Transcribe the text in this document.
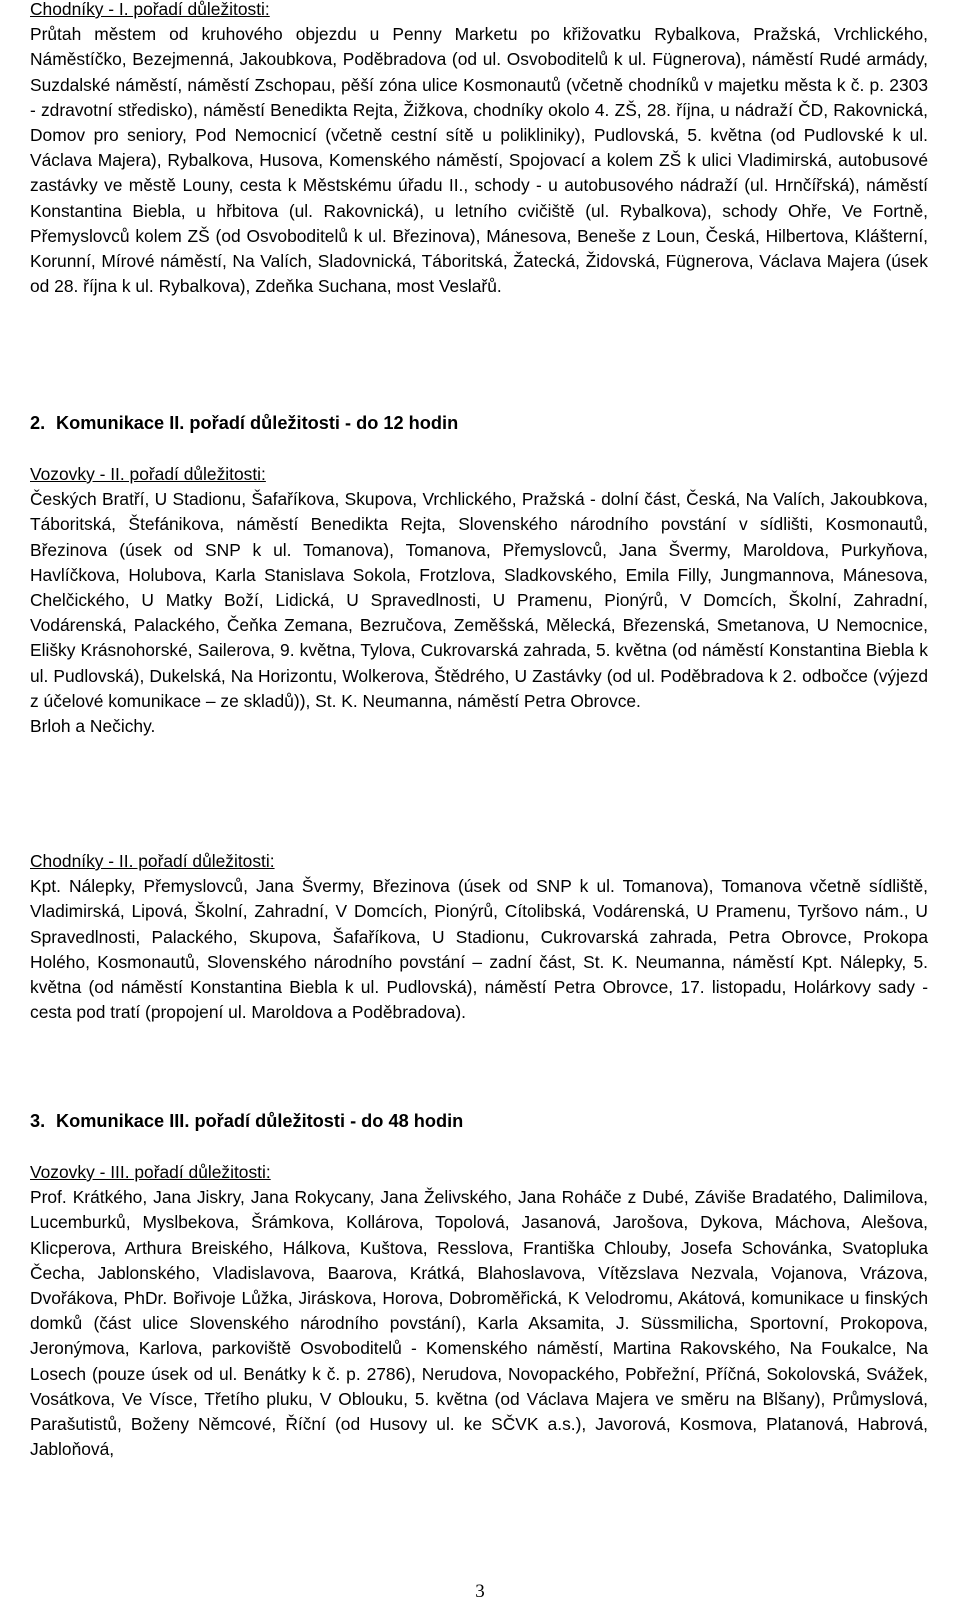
Chodníky - I. pořadí důležitosti:

Průtah městem od kruhového objezdu u Penny Marketu po křižovatku Rybalkova, Pražská, Vrchlického, Náměstíčko, Bezejmenná, Jakoubkova, Poděbradova (od ul. Osvoboditelů k ul. Fügnerova), náměstí Rudé armády, Suzdalské náměstí, náměstí Zschopau, pěší zóna ulice Kosmonautů (včetně chodníků v majetku města k č. p. 2303 - zdravotní středisko), náměstí Benedikta Rejta, Žižkova, chodníky okolo 4. ZŠ, 28. října, u nádraží ČD, Rakovnická, Domov pro seniory, Pod Nemocnicí (včetně cestní sítě u polikliniky), Pudlovská, 5. května (od Pudlovské k ul. Václava Majera), Rybalkova, Husova, Komenského náměstí, Spojovací a kolem ZŠ k ulici Vladimirská, autobusové zastávky ve městě Louny, cesta k Městskému úřadu II., schody - u autobusového nádraží (ul. Hrnčířská), náměstí Konstantina Biebla, u hřbitova (ul. Rakovnická), u letního cvičiště (ul. Rybalkova), schody Ohře, Ve Fortně, Přemyslovců kolem ZŠ (od Osvoboditelů k ul. Březinova), Mánesova, Beneše z Loun, Česká, Hilbertova, Klášterní, Korunní, Mírové náměstí, Na Valích, Sladovnická, Táboritská, Žatecká, Židovská, Fügnerova, Václava Majera (úsek od 28. října k ul. Rybalkova), Zdeňka Suchana, most Veslařů.

2. Komunikace II. pořadí důležitosti - do 12 hodin

Vozovky - II. pořadí důležitosti:

Českých Bratří, U Stadionu, Šafaříkova, Skupova, Vrchlického, Pražská - dolní část, Česká, Na Valích, Jakoubkova, Táboritská, Štefánikova, náměstí Benedikta Rejta, Slovenského národního povstání v sídlišti, Kosmonautů, Březinova (úsek od SNP k ul. Tomanova), Tomanova, Přemyslovců, Jana Švermy, Maroldova, Purkyňova, Havlíčkova, Holubova, Karla Stanislava Sokola, Frotzlova, Sladkovského, Emila Filly, Jungmannova, Mánesova, Chelčického, U Matky Boží, Lidická, U Spravedlnosti, U Pramenu, Pionýrů, V Domcích, Školní, Zahradní, Vodárenská, Palackého, Čeňka Zemana, Bezručova, Zeměšská, Mělecká, Březenská, Smetanova, U Nemocnice, Elišky Krásnohorské, Sailerova, 9. května, Tylova, Cukrovarská zahrada, 5. května (od náměstí Konstantina Biebla k ul. Pudlovská), Dukelská, Na Horizontu, Wolkerova, Štědrého, U Zastávky (od ul. Poděbradova k 2. odbočce (výjezd z účelové komunikace – ze skladů)), St. K. Neumanna, náměstí Petra Obrovce.

Brloh a Nečichy.

Chodníky - II. pořadí důležitosti:

Kpt. Nálepky, Přemyslovců, Jana Švermy, Březinova (úsek od SNP k ul. Tomanova), Tomanova včetně sídliště, Vladimirská, Lipová, Školní, Zahradní, V Domcích, Pionýrů, Cítolibská, Vodárenská, U Pramenu, Tyršovo nám., U Spravedlnosti, Palackého, Skupova, Šafaříkova, U Stadionu, Cukrovarská zahrada, Petra Obrovce, Prokopa Holého, Kosmonautů, Slovenského národního povstání – zadní část, St. K. Neumanna, náměstí Kpt. Nálepky, 5. května (od náměstí Konstantina Biebla k ul. Pudlovská), náměstí Petra Obrovce, 17. listopadu, Holárkovy sady - cesta pod tratí (propojení ul. Maroldova a Poděbradova).

3. Komunikace III. pořadí důležitosti - do 48 hodin

Vozovky - III. pořadí důležitosti:

Prof. Krátkého, Jana Jiskry, Jana Rokycany, Jana Želivského, Jana Roháče z Dubé, Záviše Bradatého, Dalimilova, Lucemburků, Myslbekova, Šrámkova, Kollárova, Topolová, Jasanová, Jarošova, Dykova, Máchova, Alešova, Klicperova, Arthura Breiského, Hálkova, Kuštova, Resslova, Františka Chlouby, Josefa Schovánka, Svatopluka Čecha, Jablonského, Vladislavova, Baarova, Krátká, Blahoslavova, Vítězslava Nezvala, Vojanova, Vrázova, Dvořákova, PhDr. Bořivoje Lůžka, Jiráskova, Horova, Dobroměřická, K Velodromu, Akátová, komunikace u finských domků (část ulice Slovenského národního povstání), Karla Aksamita, J. Süssmilicha, Sportovní, Prokopova, Jeronýmova, Karlova, parkoviště Osvoboditelů - Komenského náměstí, Martina Rakovského, Na Foukalce, Na Losech (pouze úsek od ul. Benátky k č. p. 2786), Nerudova, Novopackého, Pobřežní, Příčná, Sokolovská, Svážek, Vosátkova, Ve Vísce, Třetího pluku, V Oblouku, 5. května (od Václava Majera ve směru na Blšany), Průmyslová, Parašutistů, Boženy Němcové, Říční (od Husovy ul. ke SČVK a.s.), Javorová, Kosmova, Platanová, Habrová, Jabloňová,

3
